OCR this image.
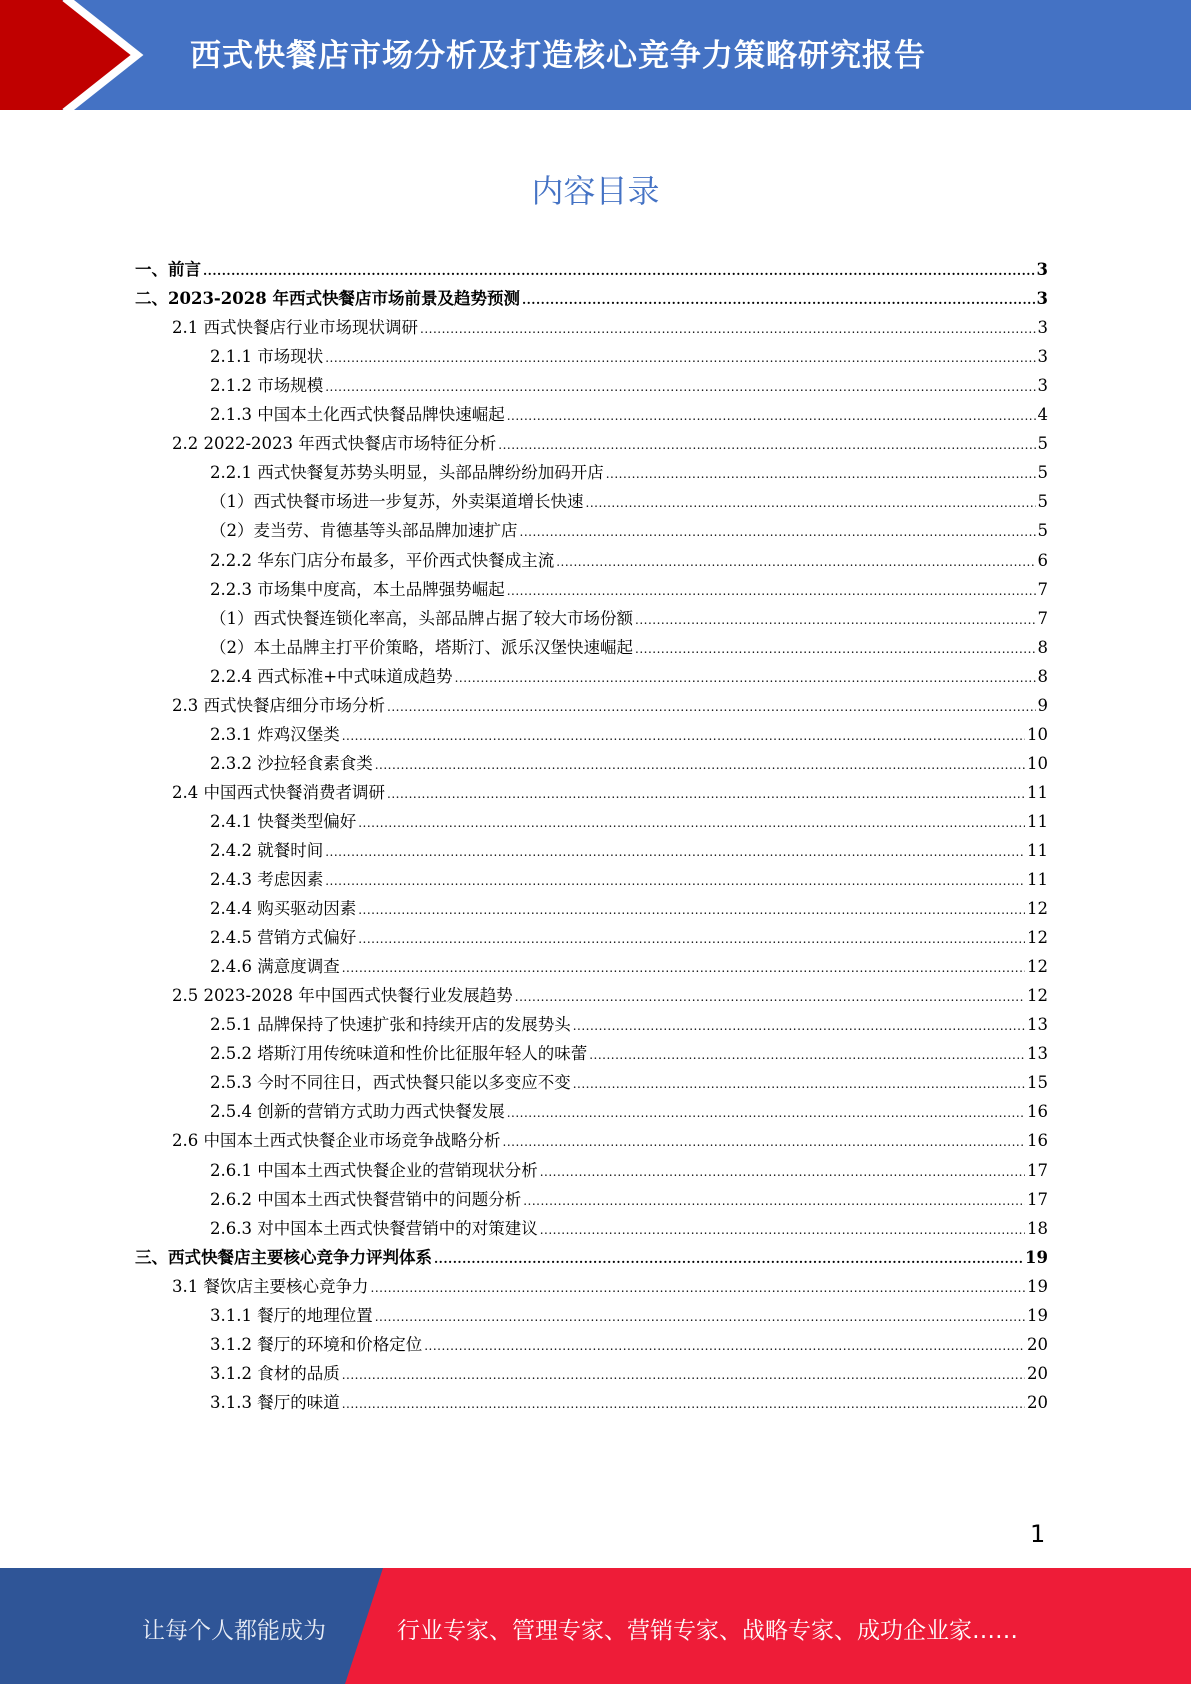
西式快餐店市场分析及打造核心竞争力策略研究报告
内容目录
一、前言 .....	3
二、2023-2028 年西式快餐店市场前景及趋势预测 .....	3
2.1 西式快餐店行业市场现状调研 .....	3
2.1.1 市场现状 .....	3
2.1.2 市场规模 .....	3
2.1.3 中国本土化西式快餐品牌快速崛起 .....	4
2.2 2022-2023 年西式快餐店市场特征分析 .....	5
2.2.1 西式快餐复苏势头明显，头部品牌纷纷加码开店 .....	5
（1）西式快餐市场进一步复苏，外卖渠道增长快速 .....	5
（2）麦当劳、肯德基等头部品牌加速扩店 .....	5
2.2.2 华东门店分布最多，平价西式快餐成主流 .....	6
2.2.3 市场集中度高，本土品牌强势崛起 .....	7
（1）西式快餐连锁化率高，头部品牌占据了较大市场份额 .....	7
（2）本土品牌主打平价策略，塔斯汀、派乐汉堡快速崛起 .....	8
2.2.4 西式标准+中式味道成趋势 .....	8
2.3 西式快餐店细分市场分析 .....	9
2.3.1 炸鸡汉堡类 .....	10
2.3.2 沙拉轻食素食类 .....	10
2.4 中国西式快餐消费者调研 .....	11
2.4.1 快餐类型偏好 .....	11
2.4.2 就餐时间 .....	11
2.4.3 考虑因素 .....	11
2.4.4 购买驱动因素 .....	12
2.4.5 营销方式偏好 .....	12
2.4.6 满意度调查 .....	12
2.5 2023-2028 年中国西式快餐行业发展趋势 .....	12
2.5.1 品牌保持了快速扩张和持续开店的发展势头 .....	13
2.5.2 塔斯汀用传统味道和性价比征服年轻人的味蕾 .....	13
2.5.3 今时不同往日，西式快餐只能以多变应不变 .....	15
2.5.4 创新的营销方式助力西式快餐发展 .....	16
2.6 中国本土西式快餐企业市场竞争战略分析 .....	16
2.6.1 中国本土西式快餐企业的营销现状分析 .....	17
2.6.2 中国本土西式快餐营销中的问题分析 .....	17
2.6.3 对中国本土西式快餐营销中的对策建议 .....	18
三、西式快餐店主要核心竞争力评判体系 .....	19
3.1 餐饮店主要核心竞争力 .....	19
3.1.1 餐厅的地理位置 .....	19
3.1.2 餐厅的环境和价格定位 .....	20
3.1.2 食材的品质 .....	20
3.1.3 餐厅的味道 .....	20
1
让每个人都能成为	行业专家、管理专家、营销专家、战略专家、成功企业家……
